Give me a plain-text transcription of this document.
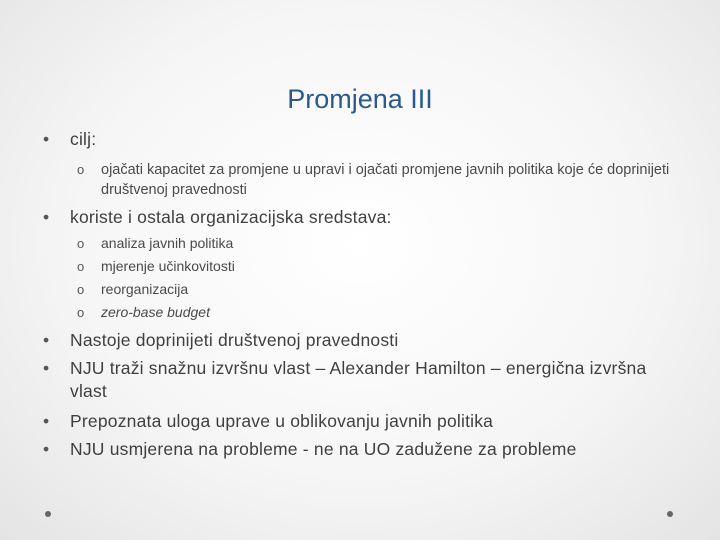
Promjena III
• cilj:
o ojačati kapacitet za promjene u upravi i ojačati promjene javnih politika koje će doprinijeti društvenoj pravednosti
• koriste i ostala organizacijska sredstava:
o analiza javnih politika
o mjerenje učinkovitosti
o reorganizacija
o zero-base budget
• Nastoje doprinijeti društvenoj pravednosti
• NJU traži snažnu izvršnu vlast – Alexander Hamilton – energična izvršna vlast
• Prepoznata uloga uprave u oblikovanju javnih politika
• NJU usmjerena na probleme - ne na UO zadužene za probleme
